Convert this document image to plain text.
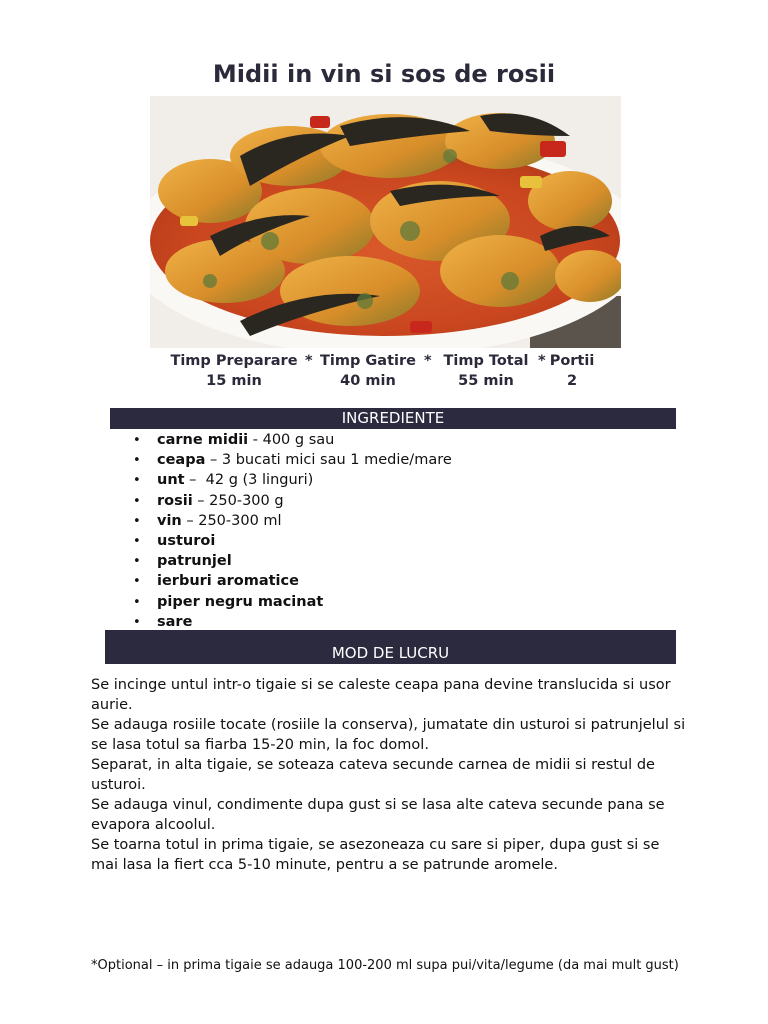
Midii in vin si sos de rosii
Timp Preparare
15 min
* Timp Gatire
40 min
* Timp Total
55 min
* Portii
2
INGREDIENTE
• carne midii - 400 g sau
• ceapa – 3 bucati mici sau 1 medie/mare
• unt –  42 g (3 linguri)
• rosii – 250-300 g
• vin – 250-300 ml
• usturoi
• patrunjel
• ierburi aromatice
• piper negru macinat
• sare
MOD DE LUCRU

Se incinge untul intr-o tigaie si se caleste ceapa pana devine translucida si usor aurie.

Se adauga rosiile tocate (rosiile la conserva), jumatate din usturoi si patrunjelul si se lasa totul sa fiarba 15-20 min, la foc domol.

Separat, in alta tigaie, se soteaza cateva secunde carnea de midii si restul de usturoi.

Se adauga vinul, condimente dupa gust si se lasa alte cateva secunde pana se evapora alcoolul.

Se toarna totul in prima tigaie, se asezoneaza cu sare si piper, dupa gust si se mai lasa la fiert cca 5-10 minute, pentru a se patrunde aromele.

*Optional – in prima tigaie se adauga 100-200 ml supa pui/vita/legume (da mai mult gust)
